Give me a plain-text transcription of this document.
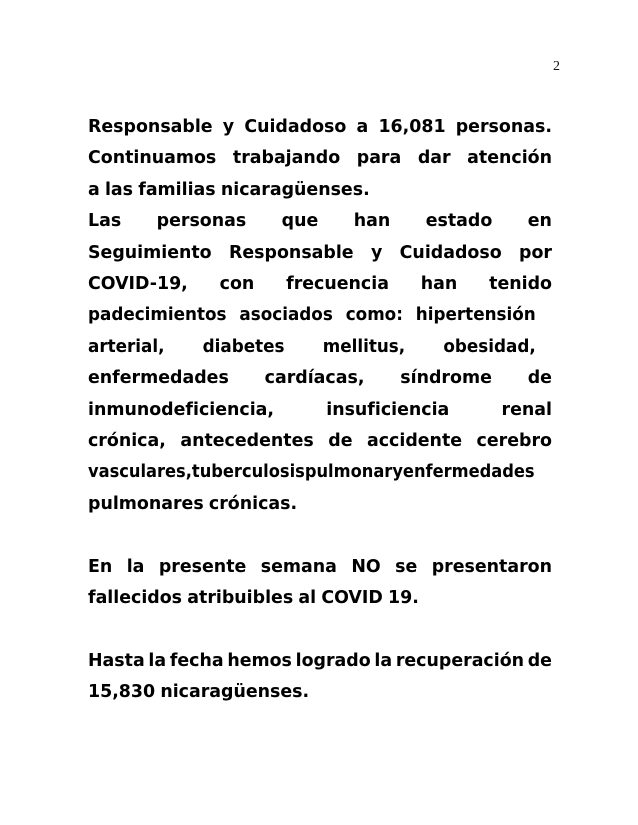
2
Responsable y Cuidadoso a 16,081 personas.
Continuamos trabajando para dar atención
a las familias nicaragüenses.
Las personas que han estado en
Seguimiento Responsable y Cuidadoso por
COVID-19, con frecuencia han tenido
padecimientos asociados como: hipertensión
arterial, diabetes mellitus, obesidad,
enfermedades cardíacas, síndrome de
inmunodeficiencia,	insuficiencia	renal
crónica, antecedentes de accidente cerebro
vasculares, tuberculosis pulmonar y enfermedades
pulmonares crónicas.
En la presente semana NO se presentaron
fallecidos atribuibles al COVID 19.
Hasta la fecha hemos logrado la recuperación de
15,830 nicaragüenses.
